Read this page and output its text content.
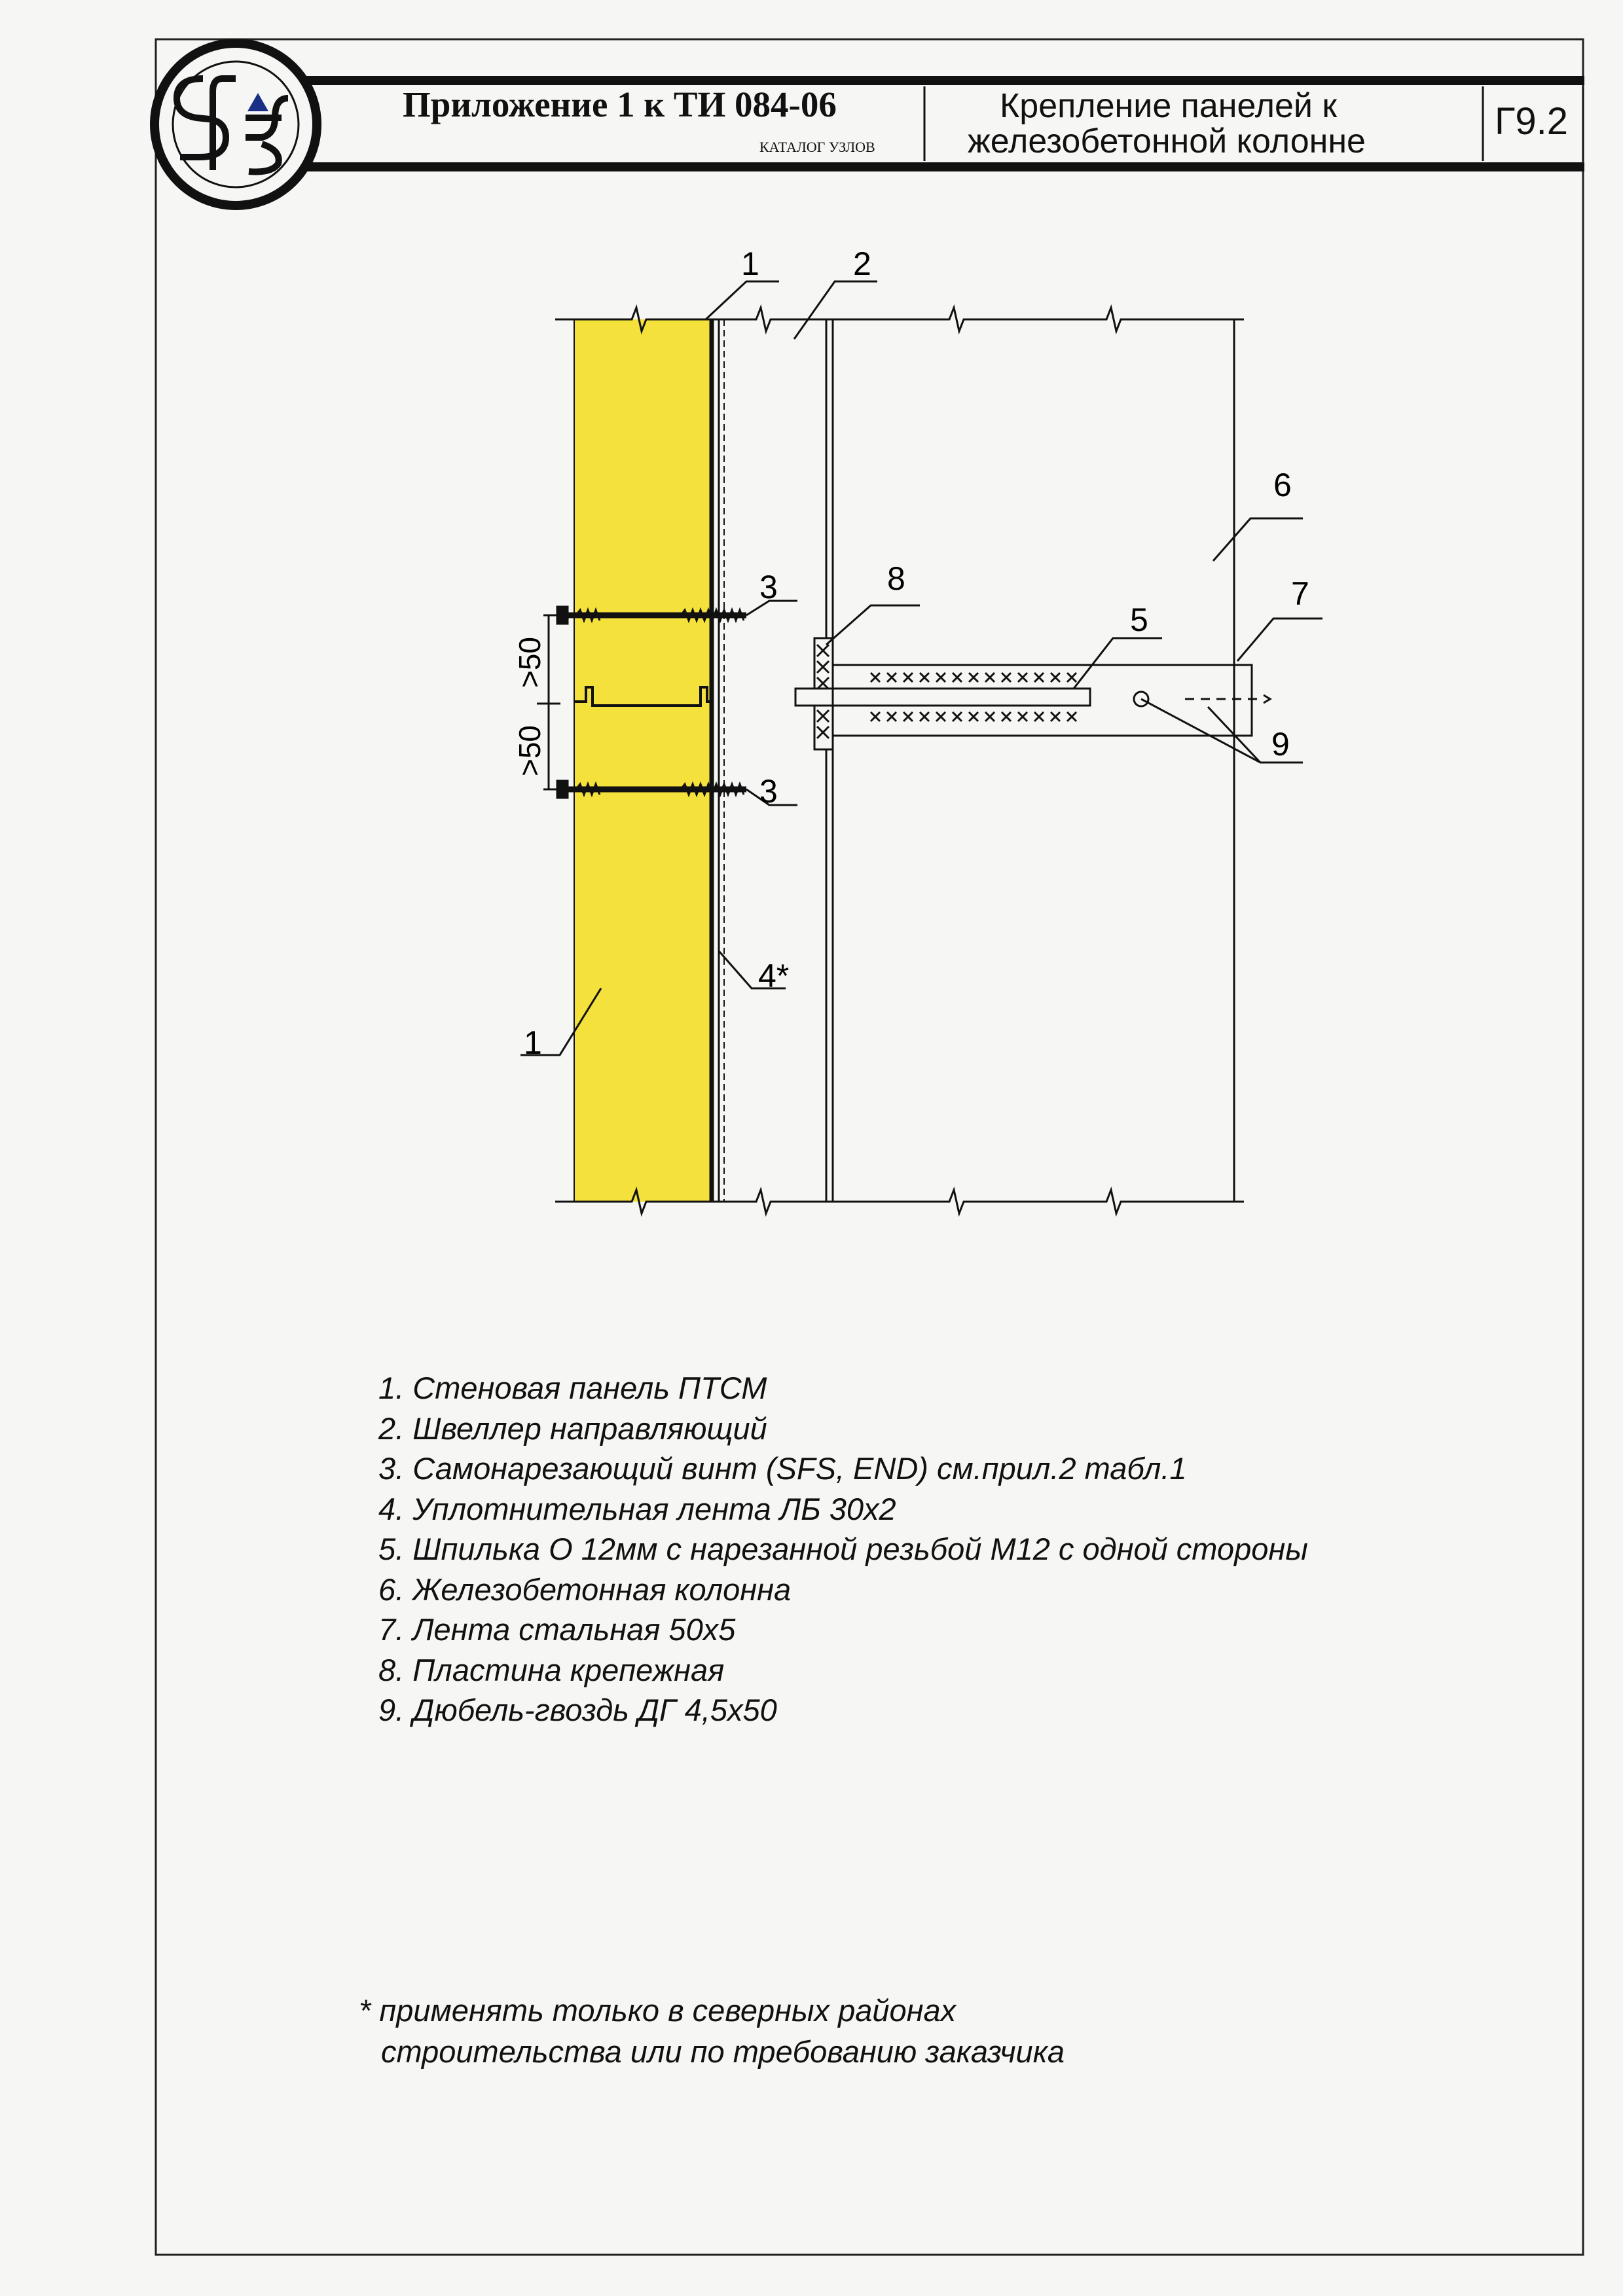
Приложение 1 к ТИ 084-06
КАТАЛОГ УЗЛОВ
Крепление панелей к
железобетонной колонне	Г9.2
1	2
3
3
4*
1
5
6
7
8
9
>50
>50
1. Стеновая панель ПТСМ
2. Швеллер направляющий
3. Самонарезающий винт (SFS, END) см.прил.2 табл.1
4. Уплотнительная лента ЛБ 30х2
5. Шпилька О 12мм с нарезанной резьбой М12 с одной стороны
6. Железобетонная колонна
7. Лента стальная 50х5
8. Пластина крепежная
9. Дюбель-гвоздь ДГ 4,5х50
* применять только в северных районах
строительства или по требованию заказчика
